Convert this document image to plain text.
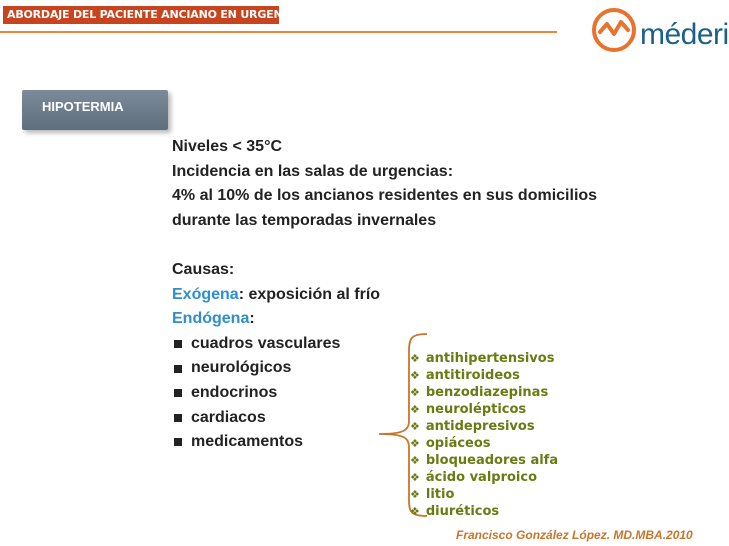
ABORDAJE DEL PACIENTE ANCIANO EN URGENCIAS
méderi
HIPOTERMIA
Niveles < 35°C
Incidencia en las salas de urgencias:
4% al 10% de los ancianos residentes en sus domicilios
durante las temporadas invernales
Causas:
Exógena: exposición al frío
Endógena:
cuadros vasculares
neurológicos
endocrinos
cardiacos
medicamentos
❖ antihipertensivos
❖ antitiroideos
❖ benzodiazepinas
❖ neurolépticos
❖ antidepresivos
❖ opiáceos
❖ bloqueadores alfa
❖ ácido valproico
❖ litio
❖ diuréticos
Francisco González López. MD.MBA.2010
